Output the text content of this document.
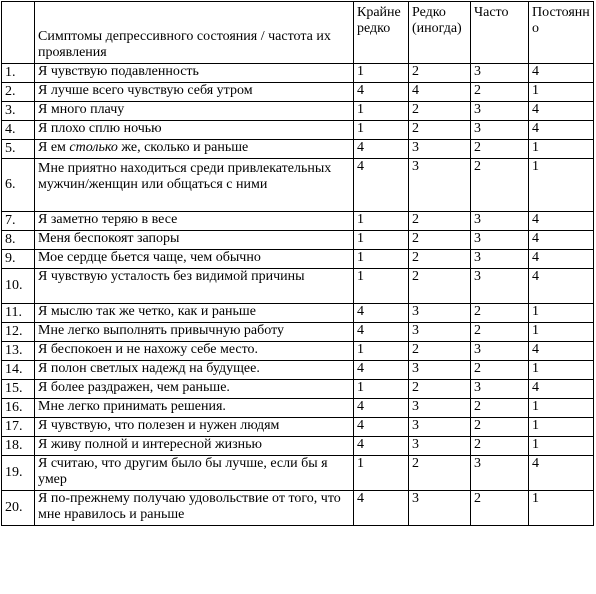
	Симптомы депрессивного состояния / частота их проявления	Крайне редко	Редко (иногда)	Часто	Постоянно
1.	Я чувствую подавленность	1	2	3	4
2.	Я лучше всего чувствую себя утром	4	4	2	1
3.	Я много плачу	1	2	3	4
4.	Я плохо сплю ночью	1	2	3	4
5.	Я ем столько же, сколько и раньше	4	3	2	1
6.	Мне приятно находиться среди привлекательных мужчин/женщин или общаться с ними	4	3	2	1
7.	Я заметно теряю в весе	1	2	3	4
8.	Меня беспокоят запоры	1	2	3	4
9.	Мое сердце бьется чаще, чем обычно	1	2	3	4
10.	Я чувствую усталость без видимой причины	1	2	3	4
11.	Я мыслю так же четко, как и раньше	4	3	2	1
12.	Мне легко выполнять привычную работу	4	3	2	1
13.	Я беспокоен и не нахожу себе место.	1	2	3	4
14.	Я полон светлых надежд на будущее.	4	3	2	1
15.	Я более раздражен, чем раньше.	1	2	3	4
16.	Мне легко принимать решения.	4	3	2	1
17.	Я чувствую, что полезен и нужен людям	4	3	2	1
18.	Я живу полной и интересной жизнью	4	3	2	1
19.	Я считаю, что другим было бы лучше, если бы я умер	1	2	3	4
20.	Я по-прежнему получаю удовольствие от того, что мне нравилось и раньше	4	3	2	1
